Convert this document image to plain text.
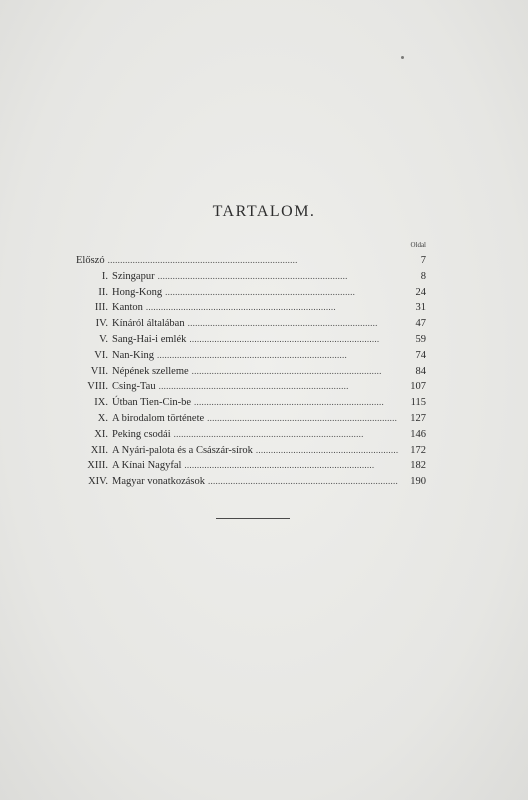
TARTALOM.
Oldal
Előszó . . .	7
I. Szingapur . . .	8
II. Hong-Kong . . .	24
III. Kanton . . .	31
IV. Kínáról általában . . .	47
V. Sang-Hai-i emlék . . .	59
VI. Nan-King . . .	74
VII. Népének szelleme . . .	84
VIII. Csing-Tau . . .	107
IX. Útban Tien-Cin-be . . .	115
X. A birodalom története . . .	127
XI. Peking csodái . . .	146
XII. A Nyári-palota és a Császár-sírok . . .	172
XIII. A Kínai Nagyfal . . .	182
XIV. Magyar vonatkozások . . .	190
